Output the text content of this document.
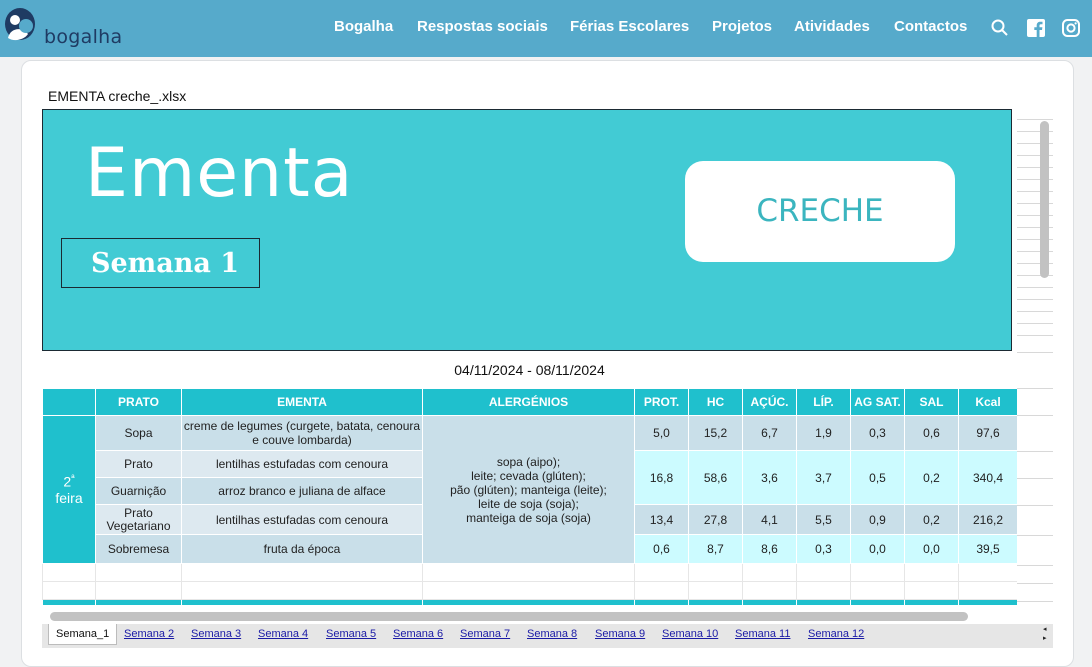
bogalha	Bogalha Respostas sociais Férias Escolares Projetos Atividades Contactos
EMENTA creche_.xlsx
Ementa
Semana 1
CRECHE
04/11/2024 - 08/11/2024
	PRATO	EMENTA	ALERGÉNIOS	PROT.	HC	AÇÚC.	LÍP.	AG SAT.	SAL	Kcal
$2^ª$
feira	Sopa	creme de legumes (curgete, batata, cenoura e couve lombarda)	sopa (aipo);
leite; cevada (glúten);
pão (glúten); manteiga (leite);
leite de soja (soja);
manteiga de soja (soja)	5,0	15,2	6,7	1,9	0,3	0,6	97,6
	Prato	lentilhas estufadas com cenoura		16,8	58,6	3,6	3,7	0,5	0,2	340,4
	Guarnição	arroz branco e juliana de alface								
	Prato Vegetariano	lentilhas estufadas com cenoura		13,4	27,8	4,1	5,5	0,9	0,2	216,2
	Sobremesa	fruta da época		0,6	8,7	8,6	0,3	0,0	0,0	39,5

Semana_1	Semana 2 Semana 3 Semana 4 Semana 5 Semana 6 Semana 7 Semana 8 Semana 9 Semana 10 Semana 11 Semana 12	◂
▸
